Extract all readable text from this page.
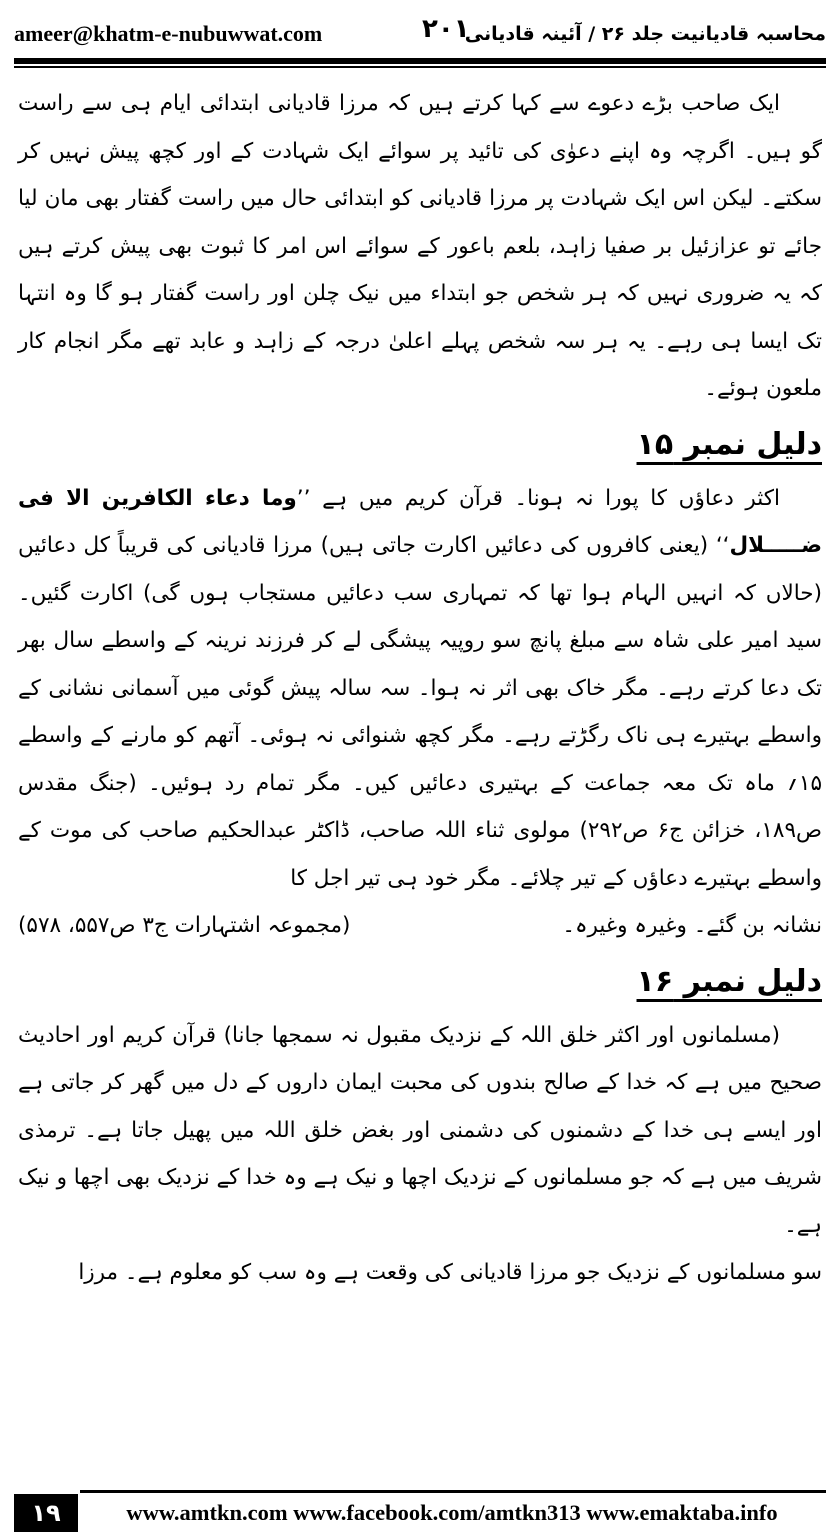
ameer@khatm-e-nubuwwat.com	۲۰۱
محاسبہ قادیانیت جلد ۲۶ / آئینہ قادیانی

ایک صاحب بڑے دعوے سے کہا کرتے ہیں کہ مرزا قادیانی ابتدائی ایام ہی سے راست گو ہیں۔ اگرچہ وہ اپنے دعوٰی کی تائید پر سوائے ایک شہادت کے اور کچھ پیش نہیں کر سکتے۔ لیکن اس ایک شہادت پر مرزا قادیانی کو ابتدائی حال میں راست گفتار بھی مان لیا جائے تو عزازئیل بر صفیا زاہد، بلعم باعور کے سوائے اس امر کا ثبوت بھی پیش کرتے ہیں کہ یہ ضروری نہیں کہ ہر شخص جو ابتداء میں نیک چلن اور راست گفتار ہو گا وہ انتہا تک ایسا ہی رہے۔ یہ ہر سہ شخص پہلے اعلیٰ درجہ کے زاہد و عابد تھے مگر انجام کار ملعون ہوئے۔

دلیل نمبر ۱۵

اکثر دعاؤں کا پورا نہ ہونا۔ قرآن کریم میں ہے ’’وما دعاء الکافرین الا فی ضـــــلال‘‘ (یعنی کافروں کی دعائیں اکارت جاتی ہیں) مرزا قادیانی کی قریباً کل دعائیں (حالاں کہ انہیں الہام ہوا تھا کہ تمہاری سب دعائیں مستجاب ہوں گی) اکارت گئیں۔ سید امیر علی شاہ سے مبلغ پانچ سو روپیہ پیشگی لے کر فرزند نرینہ کے واسطے سال بھر تک دعا کرتے رہے۔ مگر خاک بھی اثر نہ ہوا۔ سہ سالہ پیش گوئی میں آسمانی نشانی کے واسطے بہتیرے ہی ناک رگڑتے رہے۔ مگر کچھ شنوائی نہ ہوئی۔ آتھم کو مارنے کے واسطے ۱۵؍ ماہ تک معہ جماعت کے بہتیری دعائیں کیں۔ مگر تمام رد ہوئیں۔ (جنگ مقدس ص۱۸۹، خزائن ج۶ ص۲۹۲) مولوی ثناء اللہ صاحب، ڈاکٹر عبدالحکیم صاحب کی موت کے واسطے بہتیرے دعاؤں کے تیر چلائے۔ مگر خود ہی تیر اجل کا

نشانہ بن گئے۔ وغیرہ وغیرہ۔
(مجموعہ اشتہارات ج۳ ص۵۵۷، ۵۷۸)
دلیل نمبر ۱۶

(مسلمانوں اور اکثر خلق اللہ کے نزدیک مقبول نہ سمجھا جانا) قرآن کریم اور احادیث صحیح میں ہے کہ خدا کے صالح بندوں کی محبت ایمان داروں کے دل میں گھر کر جاتی ہے اور ایسے ہی خدا کے دشمنوں کی دشمنی اور بغض خلق اللہ میں پھیل جاتا ہے۔ ترمذی شریف میں ہے کہ جو مسلمانوں کے نزدیک اچھا و نیک ہے وہ خدا کے نزدیک بھی اچھا و نیک ہے۔

سو مسلمانوں کے نزدیک جو مرزا قادیانی کی وقعت ہے وہ سب کو معلوم ہے۔ مرزا

۱۹	www.amtkn.com www.facebook.com/amtkn313 www.emaktaba.info
